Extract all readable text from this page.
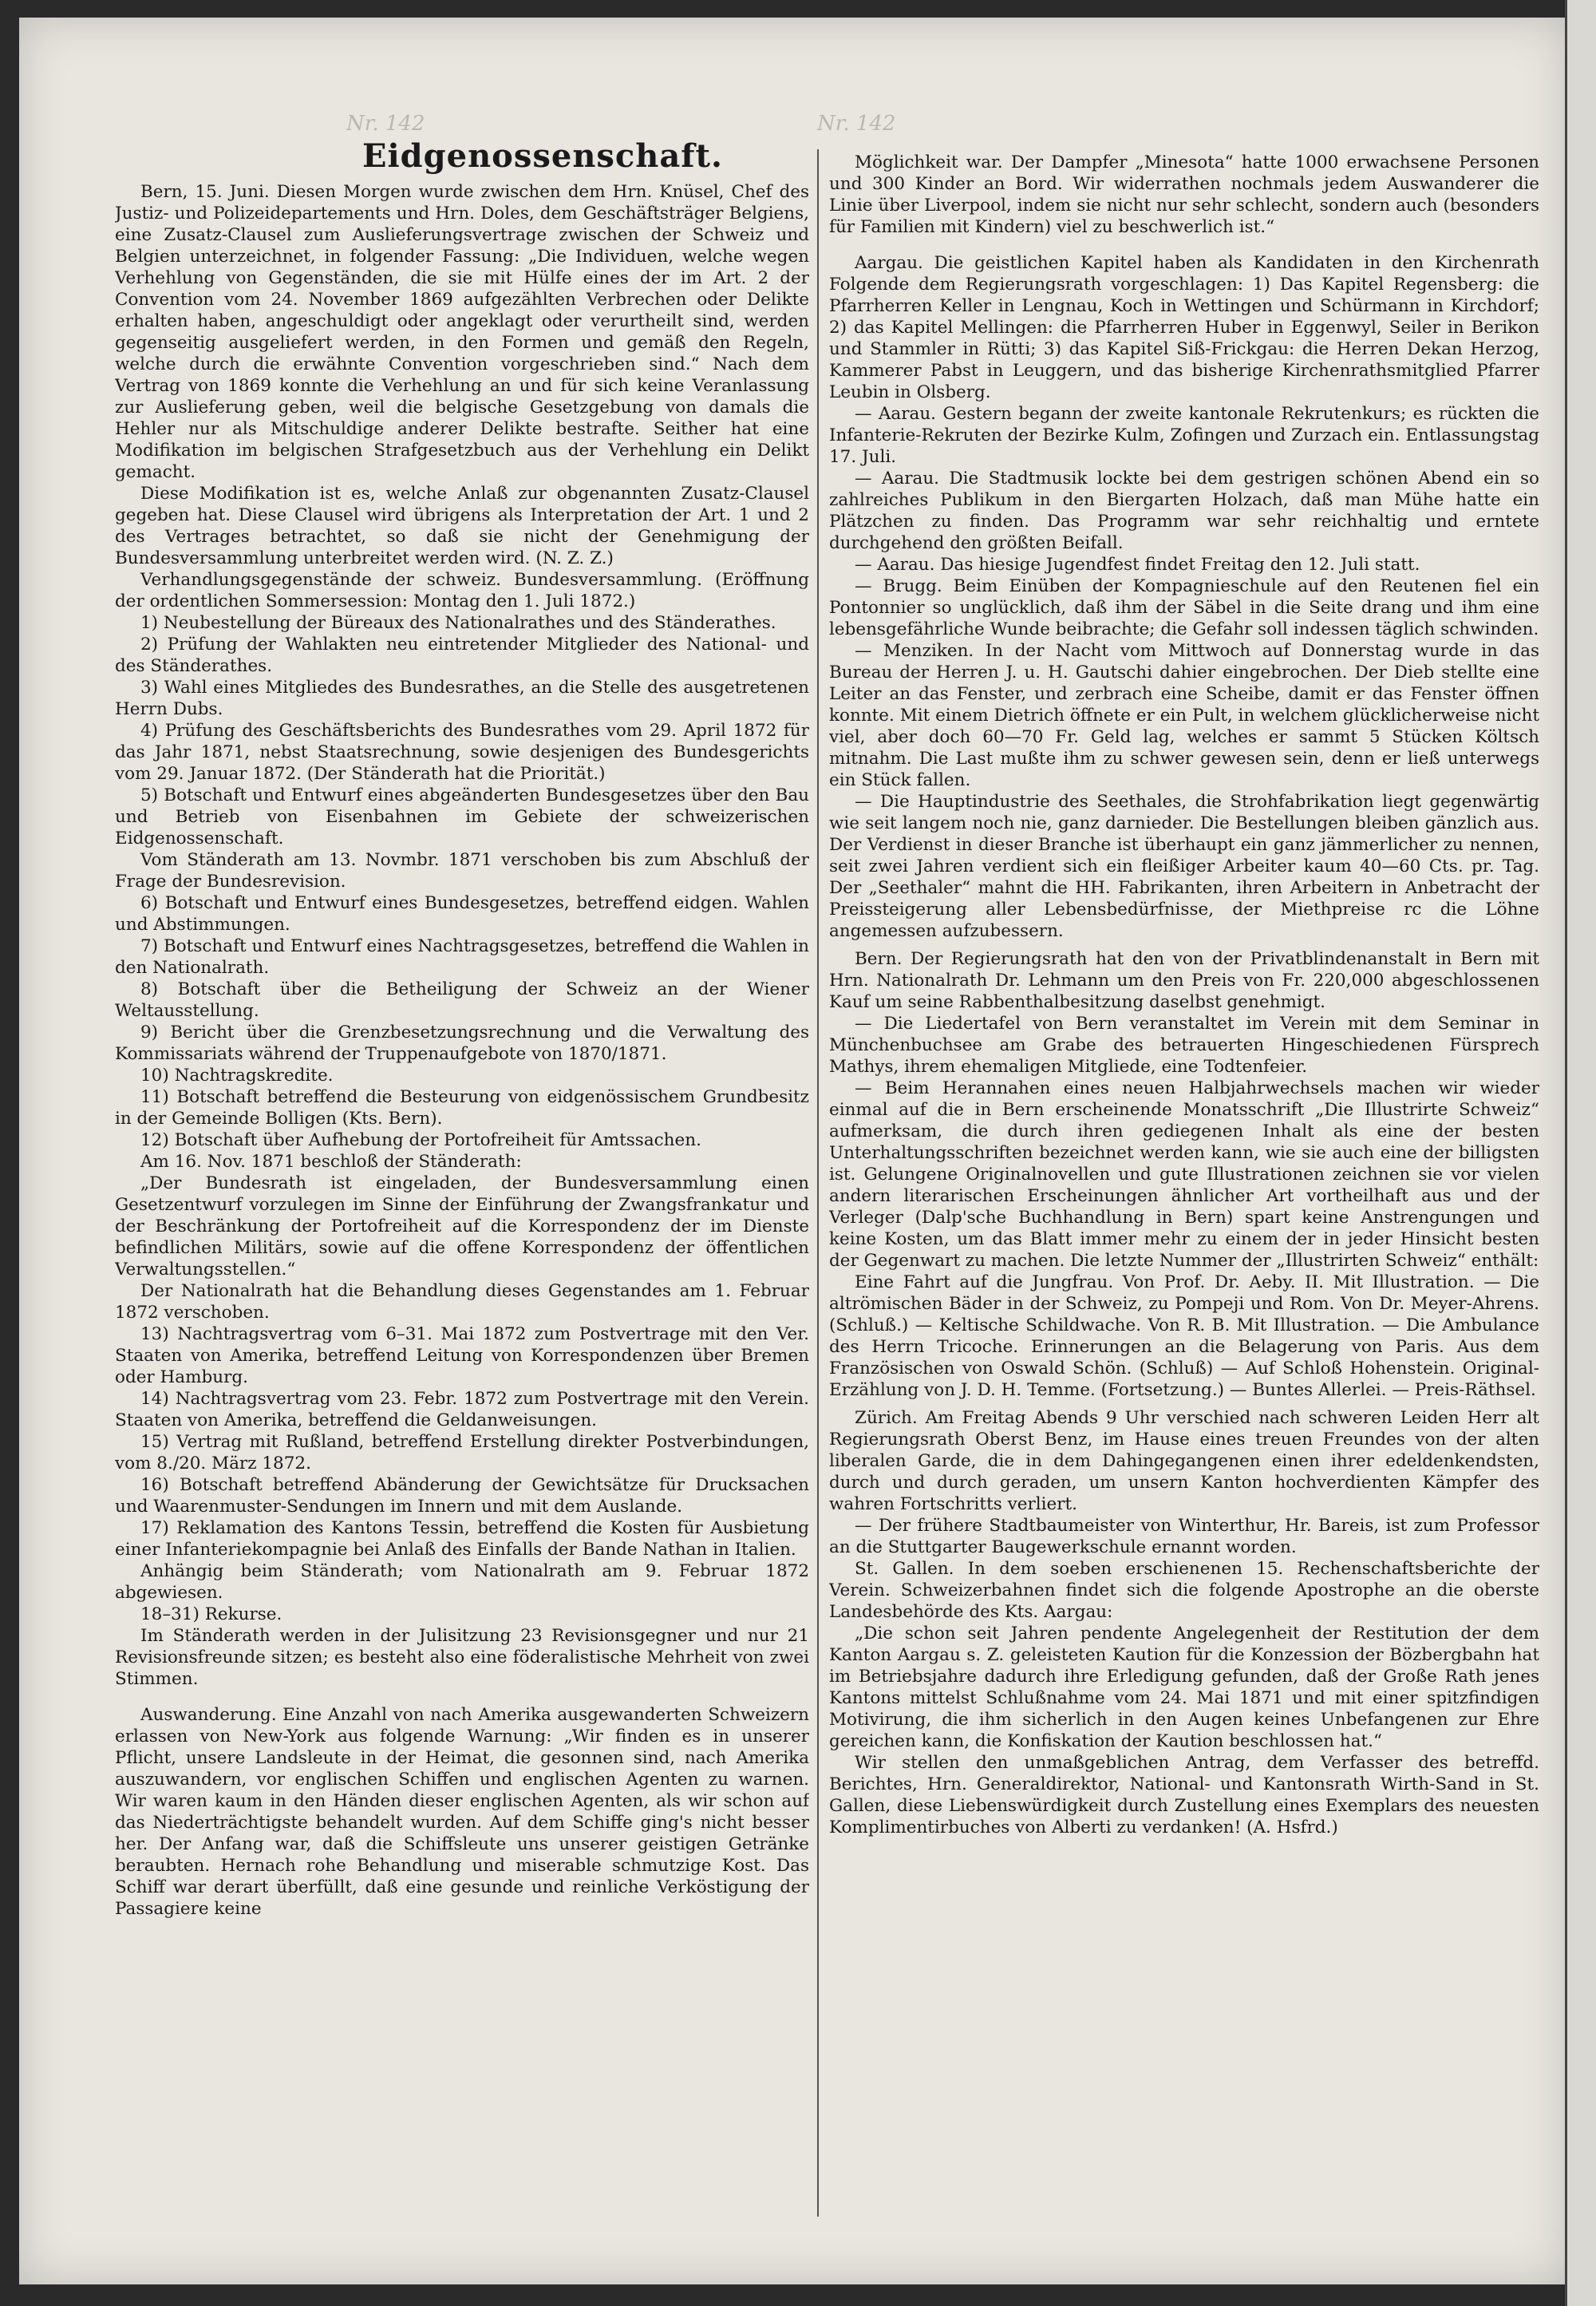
Nr. 142	Nr. 142
Eidgenossenschaft.

Bern, 15. Juni. Diesen Morgen wurde zwischen dem Hrn. Knüsel, Chef des Justiz- und Polizeidepartements und Hrn. Doles, dem Geschäftsträger Belgiens, eine Zusatz-Clausel zum Auslieferungsvertrage zwischen der Schweiz und Belgien unterzeichnet, in folgender Fassung: „Die Individuen, welche wegen Verhehlung von Gegenständen, die sie mit Hülfe eines der im Art. 2 der Convention vom 24. November 1869 aufgezählten Verbrechen oder Delikte erhalten haben, angeschuldigt oder angeklagt oder verurtheilt sind, werden gegenseitig ausgeliefert werden, in den Formen und gemäß den Regeln, welche durch die erwähnte Convention vorgeschrieben sind.“ Nach dem Vertrag von 1869 konnte die Verhehlung an und für sich keine Veranlassung zur Auslieferung geben, weil die belgische Gesetzgebung von damals die Hehler nur als Mitschuldige anderer Delikte bestrafte. Seither hat eine Modifikation im belgischen Strafgesetzbuch aus der Verhehlung ein Delikt gemacht.

Diese Modifikation ist es, welche Anlaß zur obgenannten Zusatz-Clausel gegeben hat. Diese Clausel wird übrigens als Interpretation der Art. 1 und 2 des Vertrages betrachtet, so daß sie nicht der Genehmigung der Bundesversammlung unterbreitet werden wird. (N. Z. Z.)

Verhandlungsgegenstände der schweiz. Bundesversammlung. (Eröffnung der ordentlichen Sommersession: Montag den 1. Juli 1872.)

1) Neubestellung der Büreaux des Nationalrathes und des Ständerathes.

2) Prüfung der Wahlakten neu eintretender Mitglieder des National- und des Ständerathes.

3) Wahl eines Mitgliedes des Bundesrathes, an die Stelle des ausgetretenen Herrn Dubs.

4) Prüfung des Geschäftsberichts des Bundesrathes vom 29. April 1872 für das Jahr 1871, nebst Staatsrechnung, sowie desjenigen des Bundesgerichts vom 29. Januar 1872. (Der Ständerath hat die Priorität.)

5) Botschaft und Entwurf eines abgeänderten Bundesgesetzes über den Bau und Betrieb von Eisenbahnen im Gebiete der schweizerischen Eidgenossenschaft.

Vom Ständerath am 13. Novmbr. 1871 verschoben bis zum Abschluß der Frage der Bundesrevision.

6) Botschaft und Entwurf eines Bundesgesetzes, betreffend eidgen. Wahlen und Abstimmungen.

7) Botschaft und Entwurf eines Nachtragsgesetzes, betreffend die Wahlen in den Nationalrath.

8) Botschaft über die Betheiligung der Schweiz an der Wiener Weltausstellung.

9) Bericht über die Grenzbesetzungsrechnung und die Verwaltung des Kommissariats während der Truppenaufgebote von 1870/1871.

10) Nachtragskredite.

11) Botschaft betreffend die Besteurung von eidgenössischem Grundbesitz in der Gemeinde Bolligen (Kts. Bern).

12) Botschaft über Aufhebung der Portofreiheit für Amtssachen.

Am 16. Nov. 1871 beschloß der Ständerath:

„Der Bundesrath ist eingeladen, der Bundesversammlung einen Gesetzentwurf vorzulegen im Sinne der Einführung der Zwangsfrankatur und der Beschränkung der Portofreiheit auf die Korrespondenz der im Dienste befindlichen Militärs, sowie auf die offene Korrespondenz der öffentlichen Verwaltungsstellen.“

Der Nationalrath hat die Behandlung dieses Gegenstandes am 1. Februar 1872 verschoben.

13) Nachtragsvertrag vom 6–31. Mai 1872 zum Postvertrage mit den Ver. Staaten von Amerika, betreffend Leitung von Korrespondenzen über Bremen oder Hamburg.

14) Nachtragsvertrag vom 23. Febr. 1872 zum Postvertrage mit den Verein. Staaten von Amerika, betreffend die Geldanweisungen.

15) Vertrag mit Rußland, betreffend Erstellung direkter Postverbindungen, vom 8./20. März 1872.

16) Botschaft betreffend Abänderung der Gewichtsätze für Drucksachen und Waarenmuster-Sendungen im Innern und mit dem Auslande.

17) Reklamation des Kantons Tessin, betreffend die Kosten für Ausbietung einer Infanteriekompagnie bei Anlaß des Einfalls der Bande Nathan in Italien.

Anhängig beim Ständerath; vom Nationalrath am 9. Februar 1872 abgewiesen.

18–31) Rekurse.

Im Ständerath werden in der Julisitzung 23 Revisionsgegner und nur 21 Revisionsfreunde sitzen; es besteht also eine föderalistische Mehrheit von zwei Stimmen.

Auswanderung. Eine Anzahl von nach Amerika ausgewanderten Schweizern erlassen von New-York aus folgende Warnung: „Wir finden es in unserer Pflicht, unsere Landsleute in der Heimat, die gesonnen sind, nach Amerika auszuwandern, vor englischen Schiffen und englischen Agenten zu warnen. Wir waren kaum in den Händen dieser englischen Agenten, als wir schon auf das Niederträchtigste behandelt wurden. Auf dem Schiffe ging's nicht besser her. Der Anfang war, daß die Schiffsleute uns unserer geistigen Getränke beraubten. Hernach rohe Behandlung und miserable schmutzige Kost. Das Schiff war derart überfüllt, daß eine gesunde und reinliche Verköstigung der Passagiere keine

Möglichkeit war. Der Dampfer „Minesota“ hatte 1000 erwachsene Personen und 300 Kinder an Bord. Wir widerrathen nochmals jedem Auswanderer die Linie über Liverpool, indem sie nicht nur sehr schlecht, sondern auch (besonders für Familien mit Kindern) viel zu beschwerlich ist.“

Aargau. Die geistlichen Kapitel haben als Kandidaten in den Kirchenrath Folgende dem Regierungsrath vorgeschlagen: 1) Das Kapitel Regensberg: die Pfarrherren Keller in Lengnau, Koch in Wettingen und Schürmann in Kirchdorf; 2) das Kapitel Mellingen: die Pfarrherren Huber in Eggenwyl, Seiler in Berikon und Stammler in Rütti; 3) das Kapitel Siß-Frickgau: die Herren Dekan Herzog, Kammerer Pabst in Leuggern, und das bisherige Kirchenrathsmitglied Pfarrer Leubin in Olsberg.

— Aarau. Gestern begann der zweite kantonale Rekrutenkurs; es rückten die Infanterie-Rekruten der Bezirke Kulm, Zofingen und Zurzach ein. Entlassungstag 17. Juli.

— Aarau. Die Stadtmusik lockte bei dem gestrigen schönen Abend ein so zahlreiches Publikum in den Biergarten Holzach, daß man Mühe hatte ein Plätzchen zu finden. Das Programm war sehr reichhaltig und erntete durchgehend den größten Beifall.

— Aarau. Das hiesige Jugendfest findet Freitag den 12. Juli statt.

— Brugg. Beim Einüben der Kompagnieschule auf den Reutenen fiel ein Pontonnier so unglücklich, daß ihm der Säbel in die Seite drang und ihm eine lebensgefährliche Wunde beibrachte; die Gefahr soll indessen täglich schwinden.

— Menziken. In der Nacht vom Mittwoch auf Donnerstag wurde in das Bureau der Herren J. u. H. Gautschi dahier eingebrochen. Der Dieb stellte eine Leiter an das Fenster, und zerbrach eine Scheibe, damit er das Fenster öffnen konnte. Mit einem Dietrich öffnete er ein Pult, in welchem glücklicherweise nicht viel, aber doch 60—70 Fr. Geld lag, welches er sammt 5 Stücken Költsch mitnahm. Die Last mußte ihm zu schwer gewesen sein, denn er ließ unterwegs ein Stück fallen.

— Die Hauptindustrie des Seethales, die Strohfabrikation liegt gegenwärtig wie seit langem noch nie, ganz darnieder. Die Bestellungen bleiben gänzlich aus. Der Verdienst in dieser Branche ist überhaupt ein ganz jämmerlicher zu nennen, seit zwei Jahren verdient sich ein fleißiger Arbeiter kaum 40—60 Cts. pr. Tag. Der „Seethaler“ mahnt die HH. Fabrikanten, ihren Arbeitern in Anbetracht der Preissteigerung aller Lebensbedürfnisse, der Miethpreise rc die Löhne angemessen aufzubessern.

Bern. Der Regierungsrath hat den von der Privatblindenanstalt in Bern mit Hrn. Nationalrath Dr. Lehmann um den Preis von Fr. 220,000 abgeschlossenen Kauf um seine Rabbenthalbesitzung daselbst genehmigt.

— Die Liedertafel von Bern veranstaltet im Verein mit dem Seminar in Münchenbuchsee am Grabe des betrauerten Hingeschiedenen Fürsprech Mathys, ihrem ehemaligen Mitgliede, eine Todtenfeier.

— Beim Herannahen eines neuen Halbjahrwechsels machen wir wieder einmal auf die in Bern erscheinende Monatsschrift „Die Illustrirte Schweiz“ aufmerksam, die durch ihren gediegenen Inhalt als eine der besten Unterhaltungsschriften bezeichnet werden kann, wie sie auch eine der billigsten ist. Gelungene Originalnovellen und gute Illustrationen zeichnen sie vor vielen andern literarischen Erscheinungen ähnlicher Art vortheilhaft aus und der Verleger (Dalp'sche Buchhandlung in Bern) spart keine Anstrengungen und keine Kosten, um das Blatt immer mehr zu einem der in jeder Hinsicht besten der Gegenwart zu machen. Die letzte Nummer der „Illustrirten Schweiz“ enthält:

Eine Fahrt auf die Jungfrau. Von Prof. Dr. Aeby. II. Mit Illustration. — Die altrömischen Bäder in der Schweiz, zu Pompeji und Rom. Von Dr. Meyer-Ahrens. (Schluß.) — Keltische Schildwache. Von R. B. Mit Illustration. — Die Ambulance des Herrn Tricoche. Erinnerungen an die Belagerung von Paris. Aus dem Französischen von Oswald Schön. (Schluß) — Auf Schloß Hohenstein. Original-Erzählung von J. D. H. Temme. (Fortsetzung.) — Buntes Allerlei. — Preis-Räthsel.

Zürich. Am Freitag Abends 9 Uhr verschied nach schweren Leiden Herr alt Regierungsrath Oberst Benz, im Hause eines treuen Freundes von der alten liberalen Garde, die in dem Dahingegangenen einen ihrer edeldenkendsten, durch und durch geraden, um unsern Kanton hochverdienten Kämpfer des wahren Fortschritts verliert.

— Der frühere Stadtbaumeister von Winterthur, Hr. Bareis, ist zum Professor an die Stuttgarter Baugewerkschule ernannt worden.

St. Gallen. In dem soeben erschienenen 15. Rechenschaftsberichte der Verein. Schweizerbahnen findet sich die folgende Apostrophe an die oberste Landesbehörde des Kts. Aargau:

„Die schon seit Jahren pendente Angelegenheit der Restitution der dem Kanton Aargau s. Z. geleisteten Kaution für die Konzession der Bözbergbahn hat im Betriebsjahre dadurch ihre Erledigung gefunden, daß der Große Rath jenes Kantons mittelst Schlußnahme vom 24. Mai 1871 und mit einer spitzfindigen Motivirung, die ihm sicherlich in den Augen keines Unbefangenen zur Ehre gereichen kann, die Konfiskation der Kaution beschlossen hat.“

Wir stellen den unmaßgeblichen Antrag, dem Verfasser des betreffd. Berichtes, Hrn. Generaldirektor, National- und Kantonsrath Wirth-Sand in St. Gallen, diese Liebenswürdigkeit durch Zustellung eines Exemplars des neuesten Komplimentirbuches von Alberti zu verdanken! (A. Hsfrd.)
